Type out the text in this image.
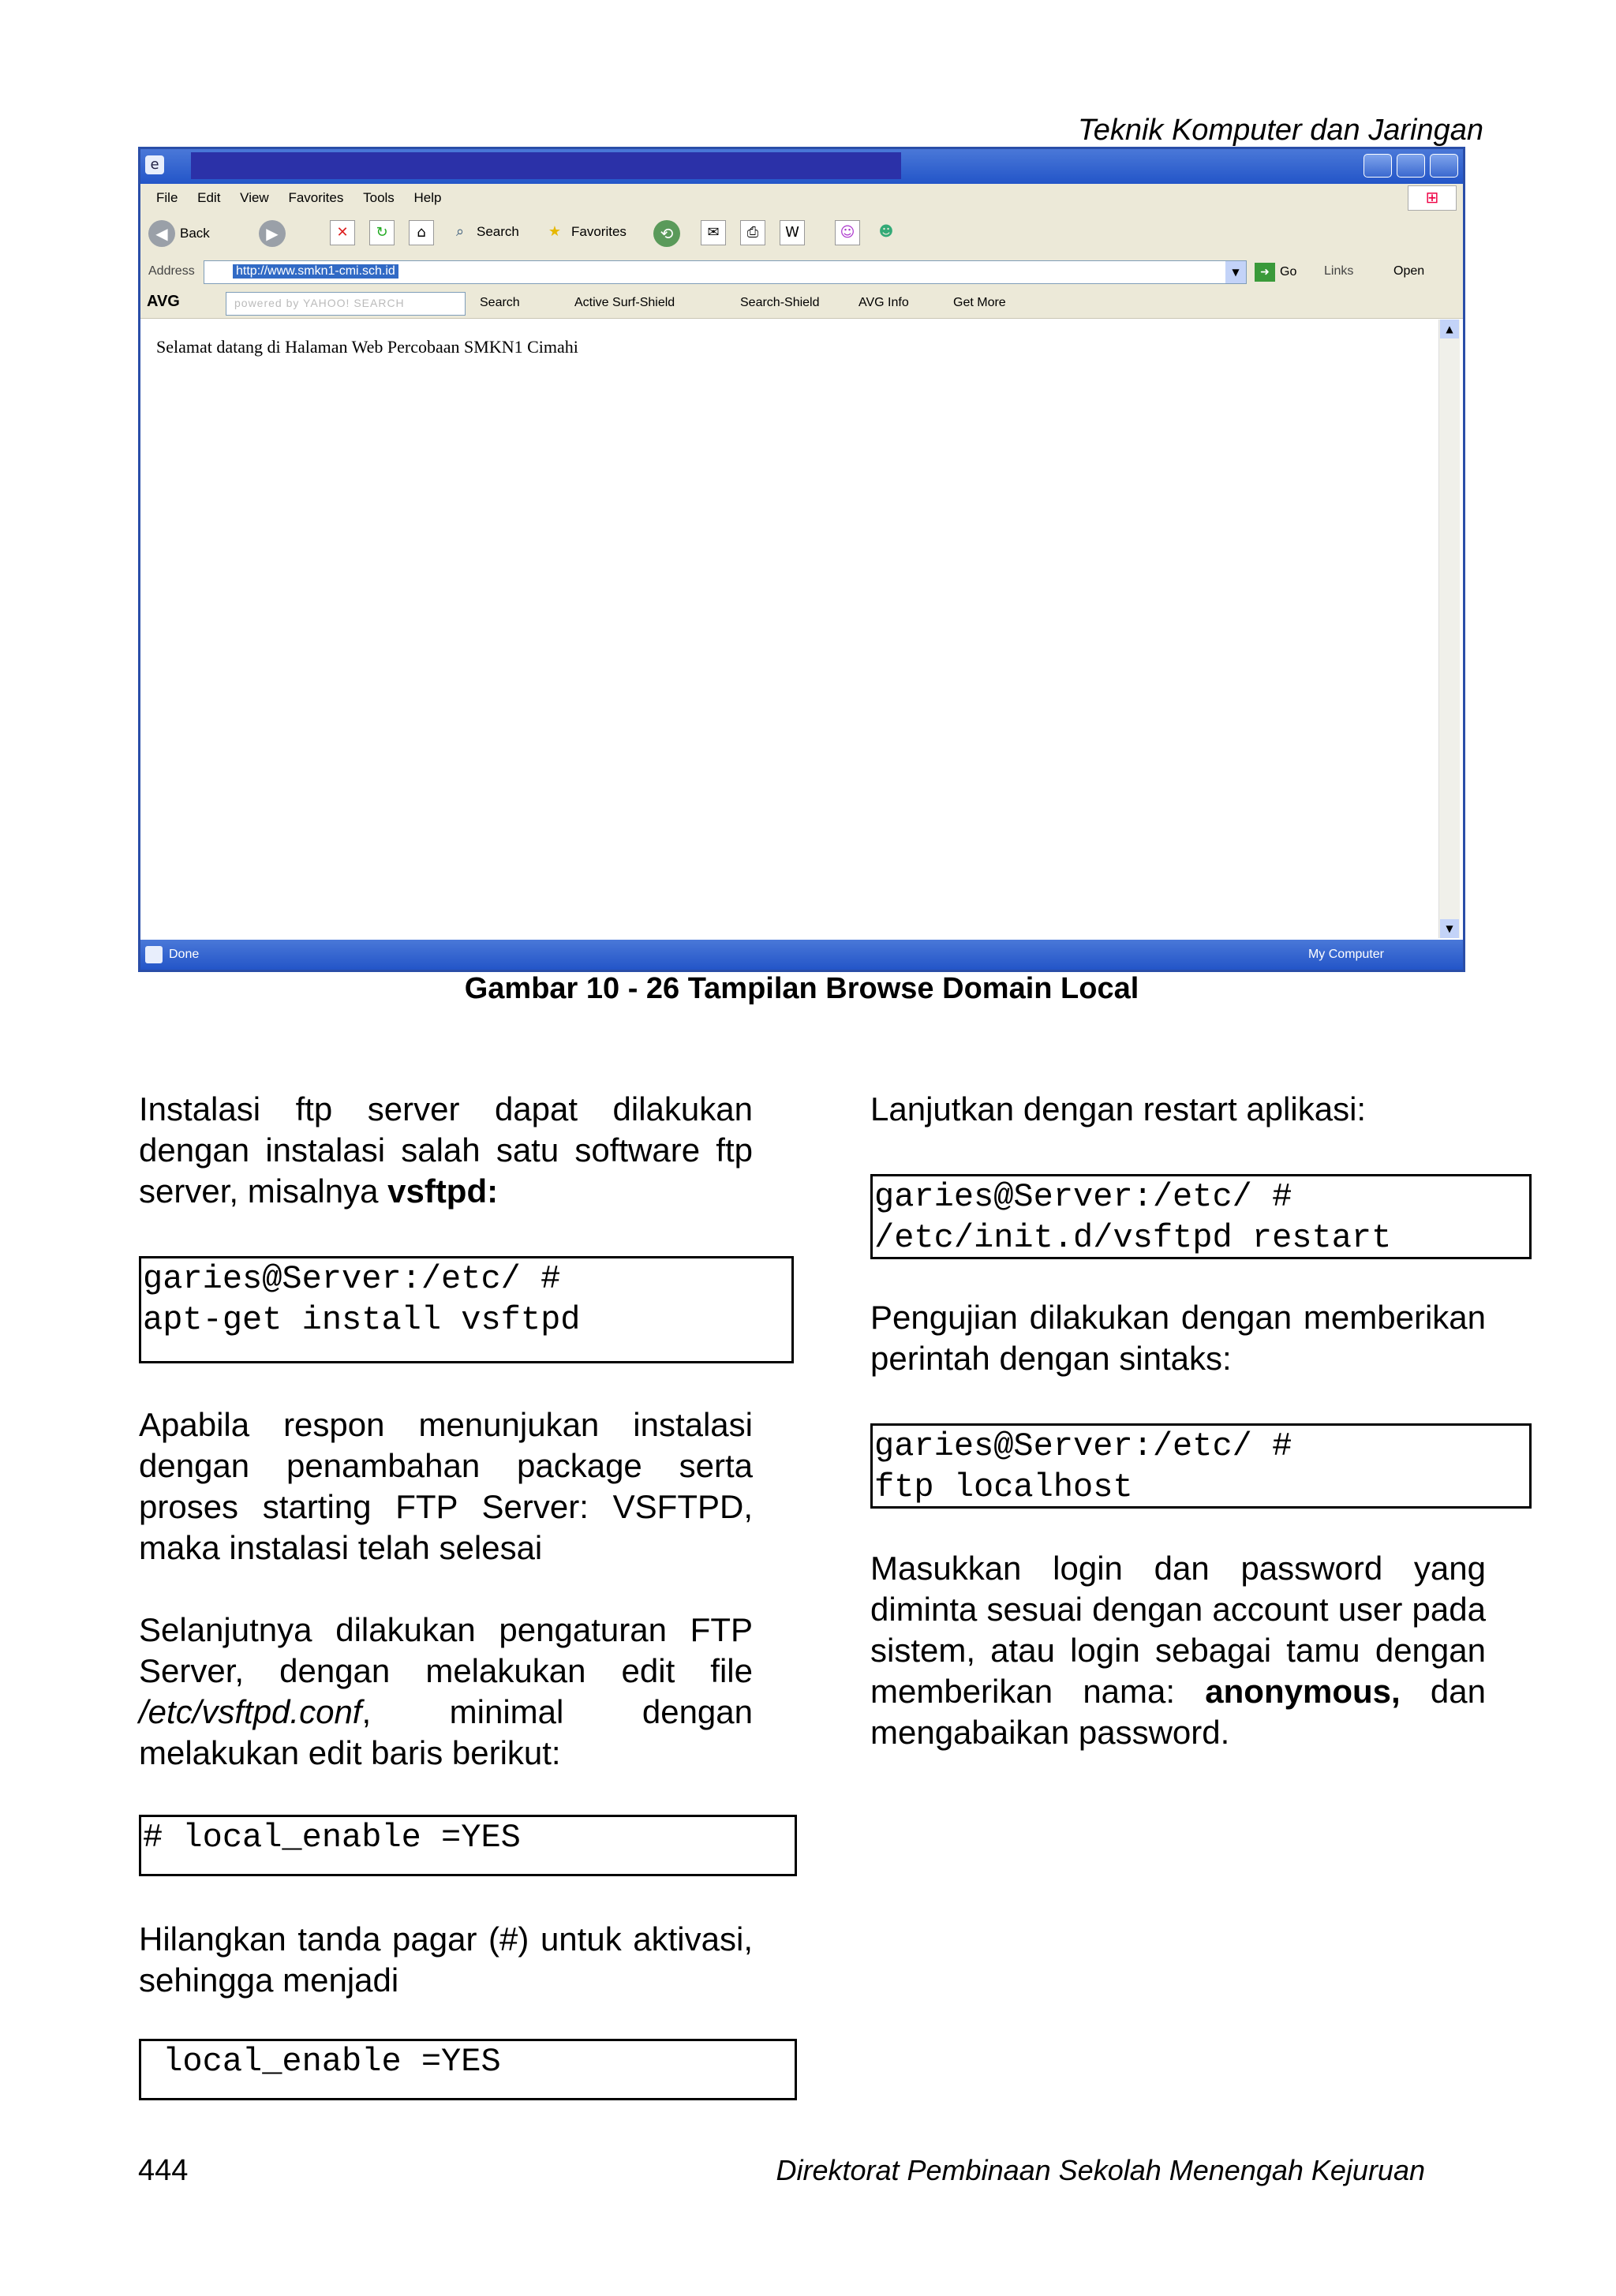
Teknik Komputer dan Jaringan
e
File Edit View Favorites Tools Help	⊞
◀ Back	▶	✕	↻	⌂	⌕ Search	★ Favorites	⟲	✉	⎙	W	☺	☻
Address	http://www.smkn1-cmi.sch.id	▼	➜ Go Links	Open
AVG	powered by YAHOO! SEARCH	Search	Active Surf-Shield	Search-Shield	AVG Info	Get More
Selamat datang di Halaman Web Percobaan SMKN1 Cimahi
▲
▼
Done	My Computer
Gambar 10 - 26 Tampilan Browse Domain Local

Instalasi ftp server dapat dilakukan dengan instalasi salah satu software ftp server, misalnya vsftpd:

garies@Server:/etc/ #
apt-get install vsftpd

Apabila respon menunjukan instalasi dengan penambahan package serta proses starting FTP Server: VSFTPD, maka instalasi telah selesai

Selanjutnya dilakukan pengaturan FTP Server, dengan melakukan edit file /etc/vsftpd.conf, minimal dengan melakukan edit baris berikut:

# local_enable =YES

Hilangkan tanda pagar (#) untuk aktivasi, sehingga menjadi

local_enable =YES

Lanjutkan dengan restart aplikasi:

garies@Server:/etc/ #
/etc/init.d/vsftpd restart

Pengujian dilakukan dengan memberikan perintah dengan sintaks:

garies@Server:/etc/ #
ftp localhost

Masukkan login dan password yang diminta sesuai dengan account user pada sistem, atau login sebagai tamu dengan memberikan nama: anonymous, dan mengabaikan password.

444	Direktorat Pembinaan Sekolah Menengah Kejuruan
